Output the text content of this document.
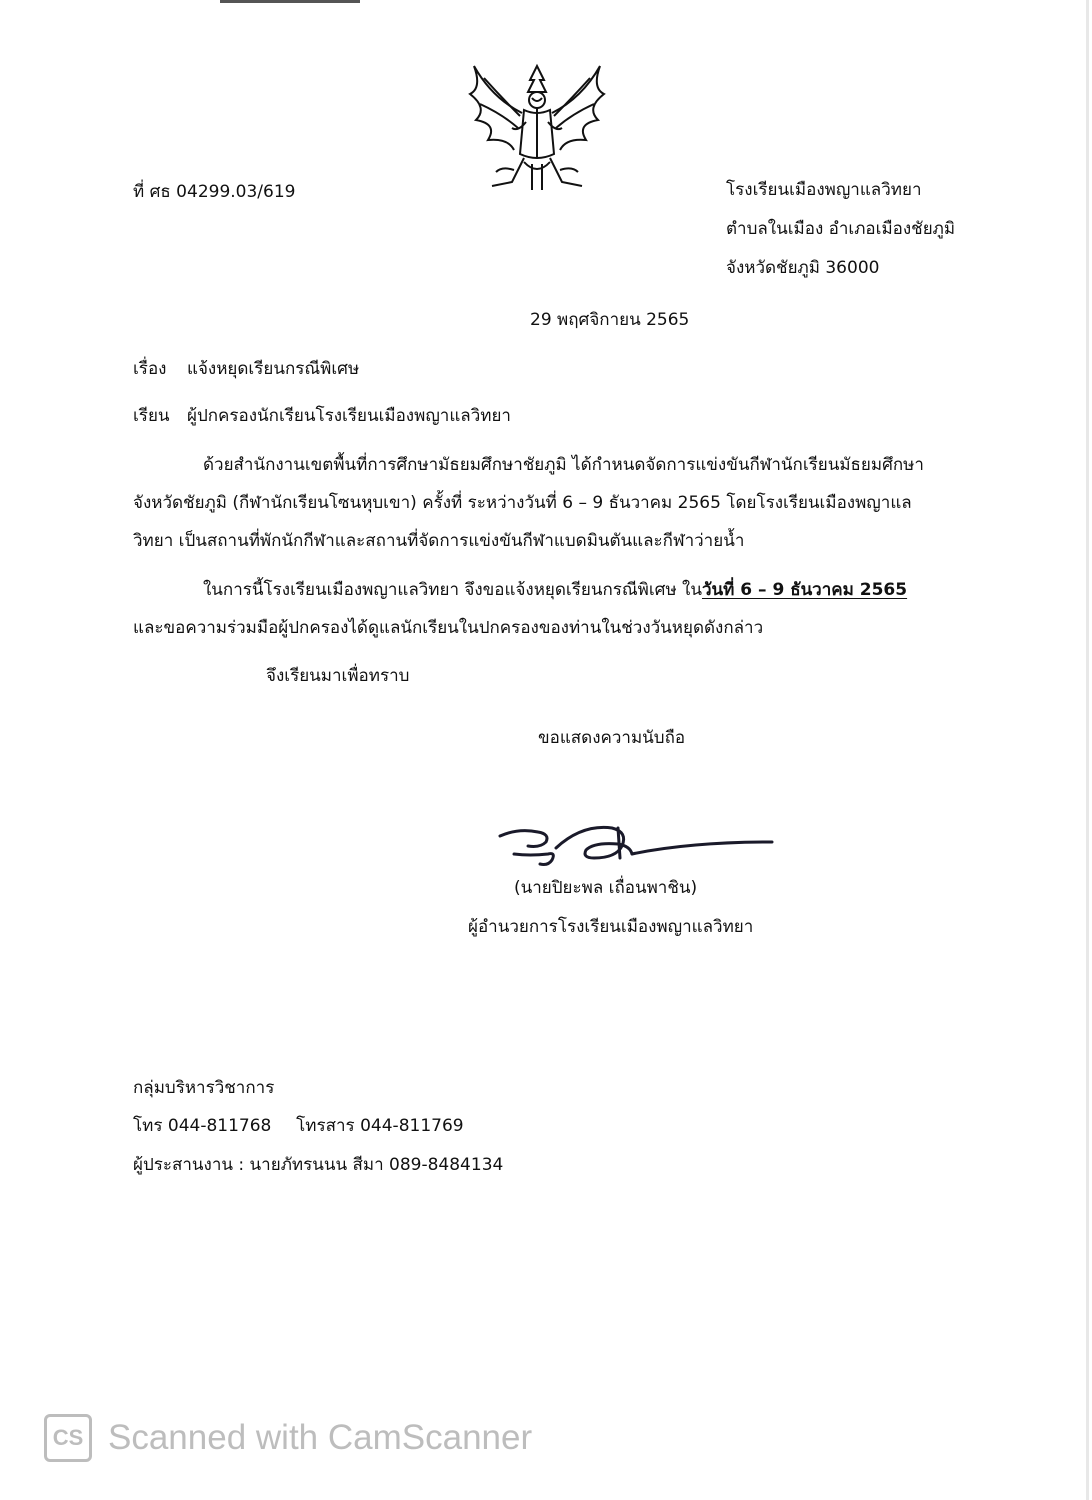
ที่ ศธ 04299.03/619	โรงเรียนเมืองพญาแลวิทยา
ตำบลในเมือง อำเภอเมืองชัยภูมิ
จังหวัดชัยภูมิ 36000
29 พฤศจิกายน 2565
เรื่อง แจ้งหยุดเรียนกรณีพิเศษ
เรียน ผู้ปกครองนักเรียนโรงเรียนเมืองพญาแลวิทยา
ด้วยสำนักงานเขตพื้นที่การศึกษามัธยมศึกษาชัยภูมิ ได้กำหนดจัดการแข่งขันกีฬานักเรียนมัธยมศึกษา
จังหวัดชัยภูมิ (กีฬานักเรียนโซนหุบเขา) ครั้งที่ ระหว่างวันที่ 6 – 9 ธันวาคม 2565 โดยโรงเรียนเมืองพญาแล
วิทยา เป็นสถานที่พักนักกีฬาและสถานที่จัดการแข่งขันกีฬาแบดมินตันและกีฬาว่ายน้ำ
ในการนี้โรงเรียนเมืองพญาแลวิทยา จึงขอแจ้งหยุดเรียนกรณีพิเศษ ในวันที่ 6 – 9 ธันวาคม 2565
และขอความร่วมมือผู้ปกครองได้ดูแลนักเรียนในปกครองของท่านในช่วงวันหยุดดังกล่าว
จึงเรียนมาเพื่อทราบ
ขอแสดงความนับถือ
(นายปิยะพล เถื่อนพาชิน)
ผู้อำนวยการโรงเรียนเมืองพญาแลวิทยา
กลุ่มบริหารวิชาการ
โทร 044-811768 โทรสาร 044-811769
ผู้ประสานงาน : นายภัทรนนน สีมา 089-8484134
CS Scanned with CamScanner
